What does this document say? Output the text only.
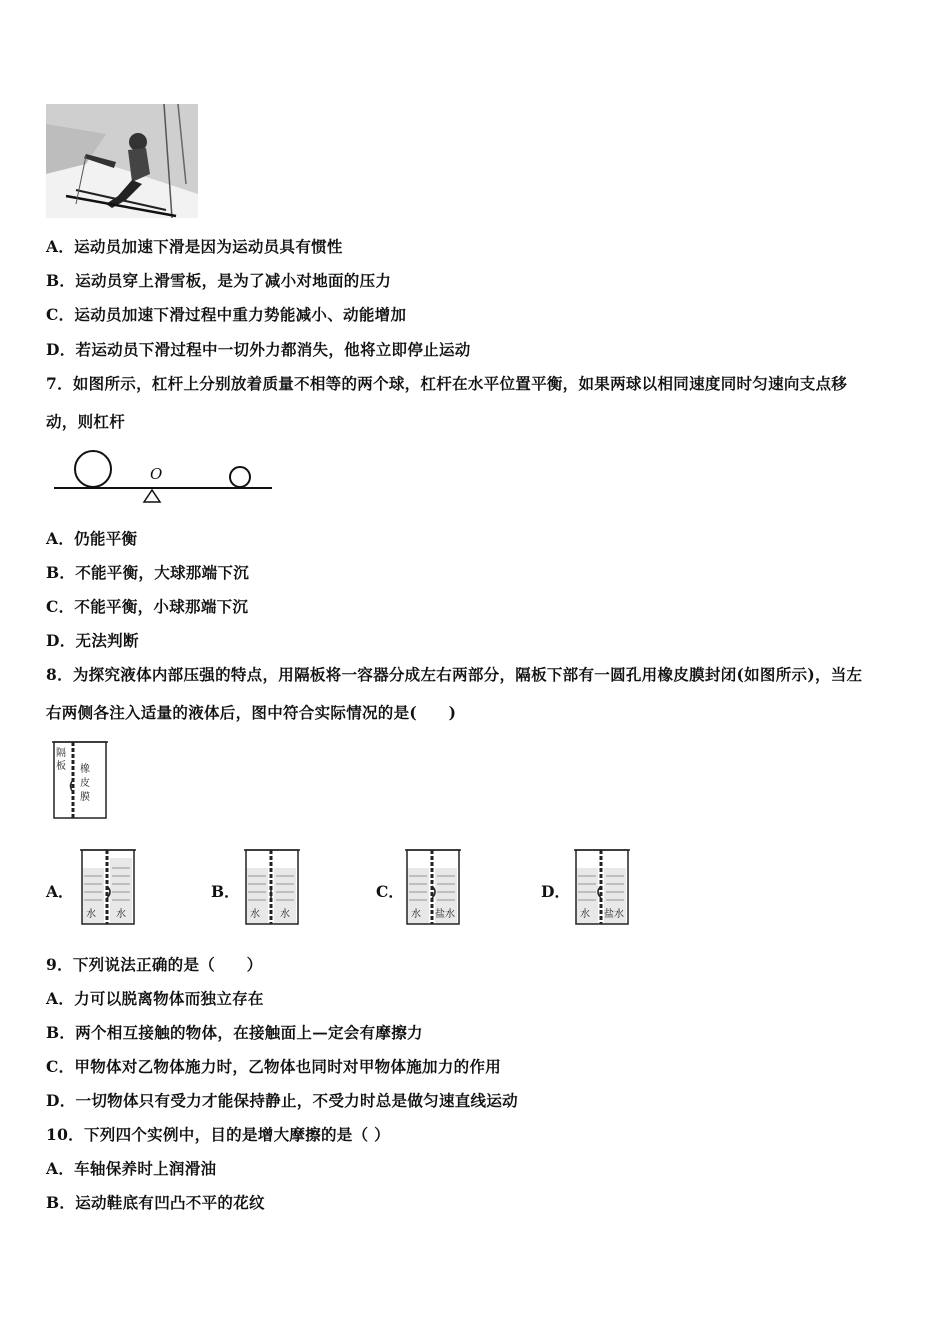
A．运动员加速下滑是因为运动员具有惯性
B．运动员穿上滑雪板，是为了减小对地面的压力
C．运动员加速下滑过程中重力势能减小、动能增加
D．若运动员下滑过程中一切外力都消失，他将立即停止运动
7．如图所示，杠杆上分别放着质量不相等的两个球，杠杆在水平位置平衡，如果两球以相同速度同时匀速向支点移
动，则杠杆
O
A．仍能平衡
B．不能平衡，大球那端下沉
C．不能平衡，小球那端下沉
D．无法判断
8．为探究液体内部压强的特点，用隔板将一容器分成左右两部分，隔板下部有一圆孔用橡皮膜封闭(如图所示)，当左
右两侧各注入适量的液体后，图中符合实际情况的是(　　)
隔
板 橡
皮
膜
A．
水 水
B．
水 水
C．
水 盐水
D．
水 盐水
9．下列说法正确的是（　　）
A．力可以脱离物体而独立存在
B．两个相互接触的物体，在接触面上—定会有摩擦力
C．甲物体对乙物体施力时，乙物体也同时对甲物体施加力的作用
D．一切物体只有受力才能保持静止，不受力时总是做匀速直线运动
10．下列四个实例中，目的是增大摩擦的是（ ）
A．车轴保养时上润滑油
B．运动鞋底有凹凸不平的花纹
